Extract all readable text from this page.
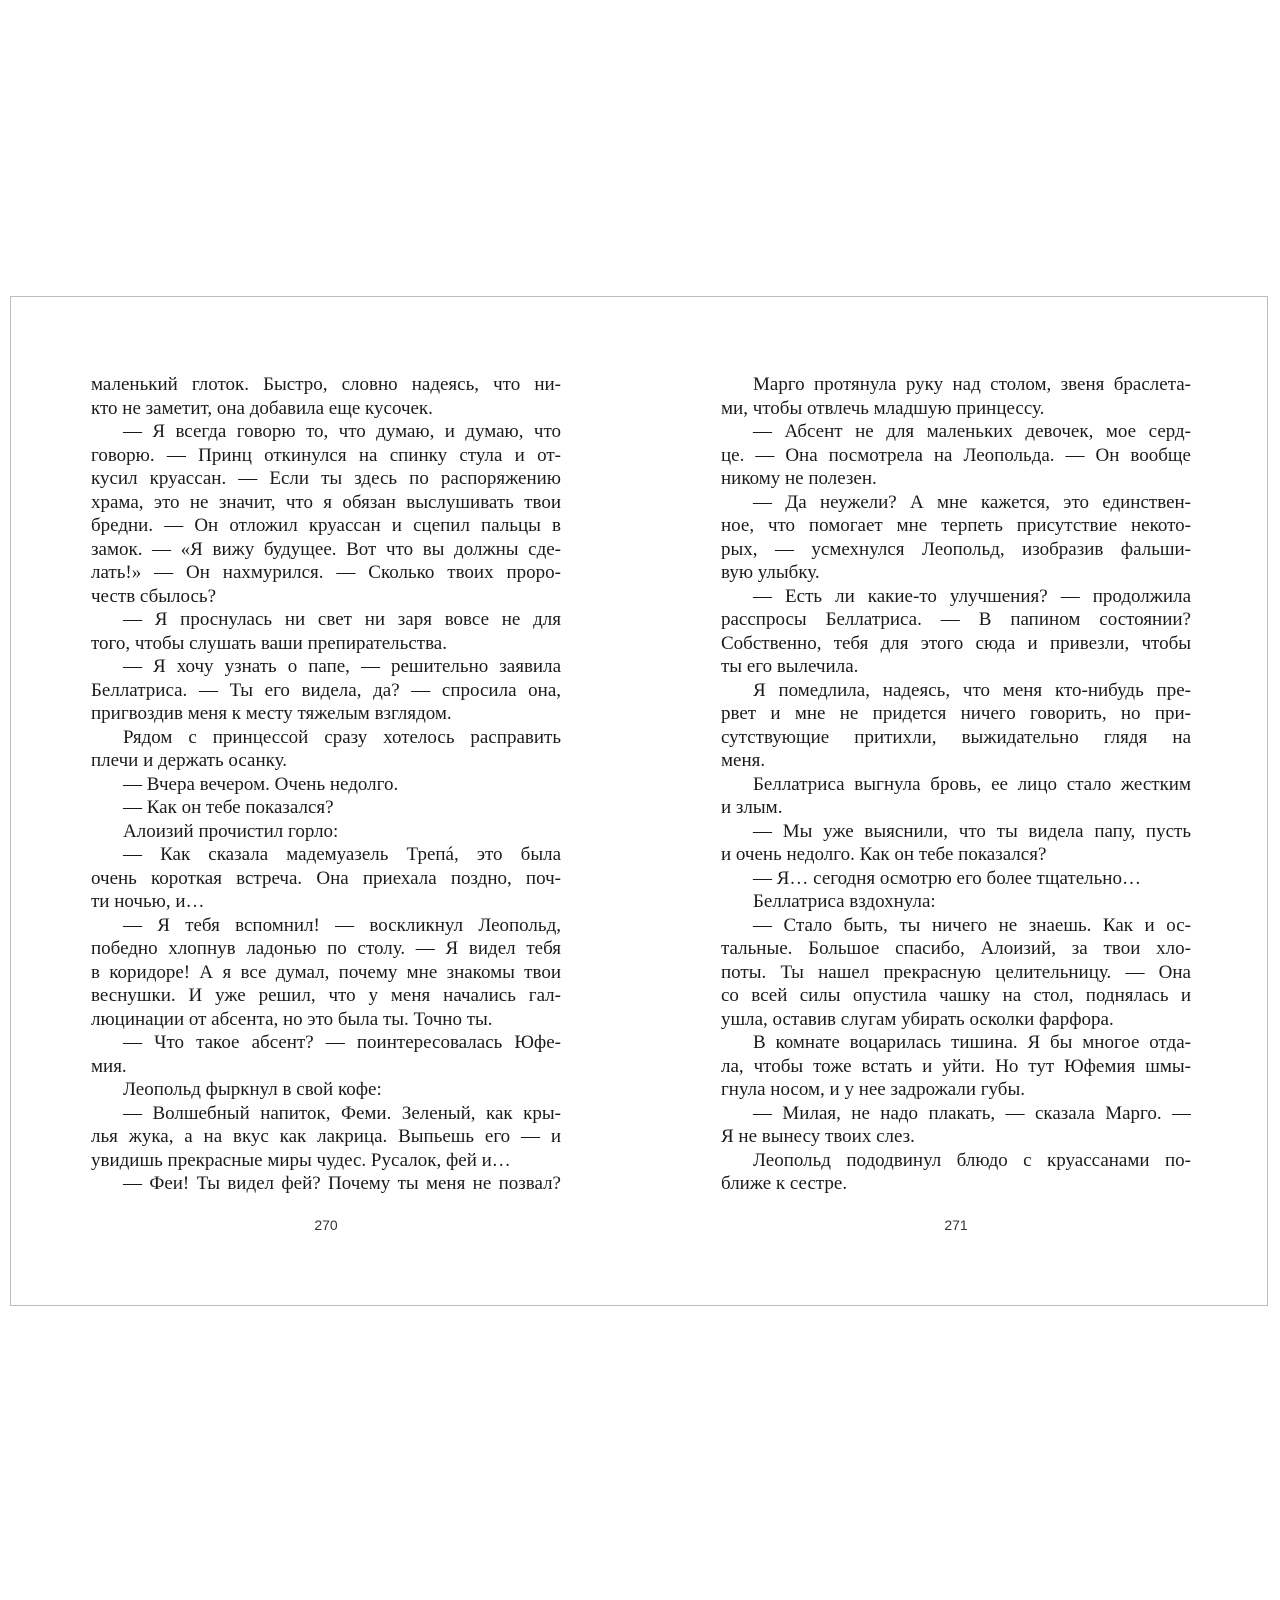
маленький глоток. Быстро, словно надеясь, что ни-
кто не заметит, она добавила еще кусочек.
— Я всегда говорю то, что думаю, и думаю, что
говорю. — Принц откинулся на спинку стула и от-
кусил круассан. — Если ты здесь по распоряжению
храма, это не значит, что я обязан выслушивать твои
бредни. — Он отложил круассан и сцепил пальцы в
замок. — «Я вижу будущее. Вот что вы должны сде-
лать!» — Он нахмурился. — Сколько твоих проро-
честв сбылось?
— Я проснулась ни свет ни заря вовсе не для
того, чтобы слушать ваши препирательства.
— Я хочу узнать о папе, — решительно заявила
Беллатриса. — Ты его видела, да? — спросила она,
пригвоздив меня к месту тяжелым взглядом.
Рядом с принцессой сразу хотелось расправить
плечи и держать осанку.
— Вчера вечером. Очень недолго.
— Как он тебе показался?
Алоизий прочистил горло:
— Как сказала мадемуазель Трепá, это была
очень короткая встреча. Она приехала поздно, поч-
ти ночью, и…
— Я тебя вспомнил! — воскликнул Леопольд,
победно хлопнув ладонью по столу. — Я видел тебя
в коридоре! А я все думал, почему мне знакомы твои
веснушки. И уже решил, что у меня начались гал-
люцинации от абсента, но это была ты. Точно ты.
— Что такое абсент? — поинтересовалась Юфе-
мия.
Леопольд фыркнул в свой кофе:
— Волшебный напиток, Феми. Зеленый, как кры-
лья жука, а на вкус как лакрица. Выпьешь его — и
увидишь прекрасные миры чудес. Русалок, фей и…
— Феи! Ты видел фей? Почему ты меня не позвал?
270
Марго протянула руку над столом, звеня браслета-
ми, чтобы отвлечь младшую принцессу.
— Абсент не для маленьких девочек, мое серд-
це. — Она посмотрела на Леопольда. — Он вообще
никому не полезен.
— Да неужели? А мне кажется, это единствен-
ное, что помогает мне терпеть присутствие некото-
рых, — усмехнулся Леопольд, изобразив фальши-
вую улыбку.
— Есть ли какие-то улучшения? — продолжила
расспросы Беллатриса. — В папином состоянии?
Собственно, тебя для этого сюда и привезли, чтобы
ты его вылечила.
Я помедлила, надеясь, что меня кто-нибудь пре-
рвет и мне не придется ничего говорить, но при-
сутствующие притихли, выжидательно глядя на
меня.
Беллатриса выгнула бровь, ее лицо стало жестким
и злым.
— Мы уже выяснили, что ты видела папу, пусть
и очень недолго. Как он тебе показался?
— Я… сегодня осмотрю его более тщательно…
Беллатриса вздохнула:
— Стало быть, ты ничего не знаешь. Как и ос-
тальные. Большое спасибо, Алоизий, за твои хло-
поты. Ты нашел прекрасную целительницу. — Она
со всей силы опустила чашку на стол, поднялась и
ушла, оставив слугам убирать осколки фарфора.
В комнате воцарилась тишина. Я бы многое отда-
ла, чтобы тоже встать и уйти. Но тут Юфемия шмы-
гнула носом, и у нее задрожали губы.
— Милая, не надо плакать, — сказала Марго. —
Я не вынесу твоих слез.
Леопольд пододвинул блюдо с круассанами по-
ближе к сестре.
271
